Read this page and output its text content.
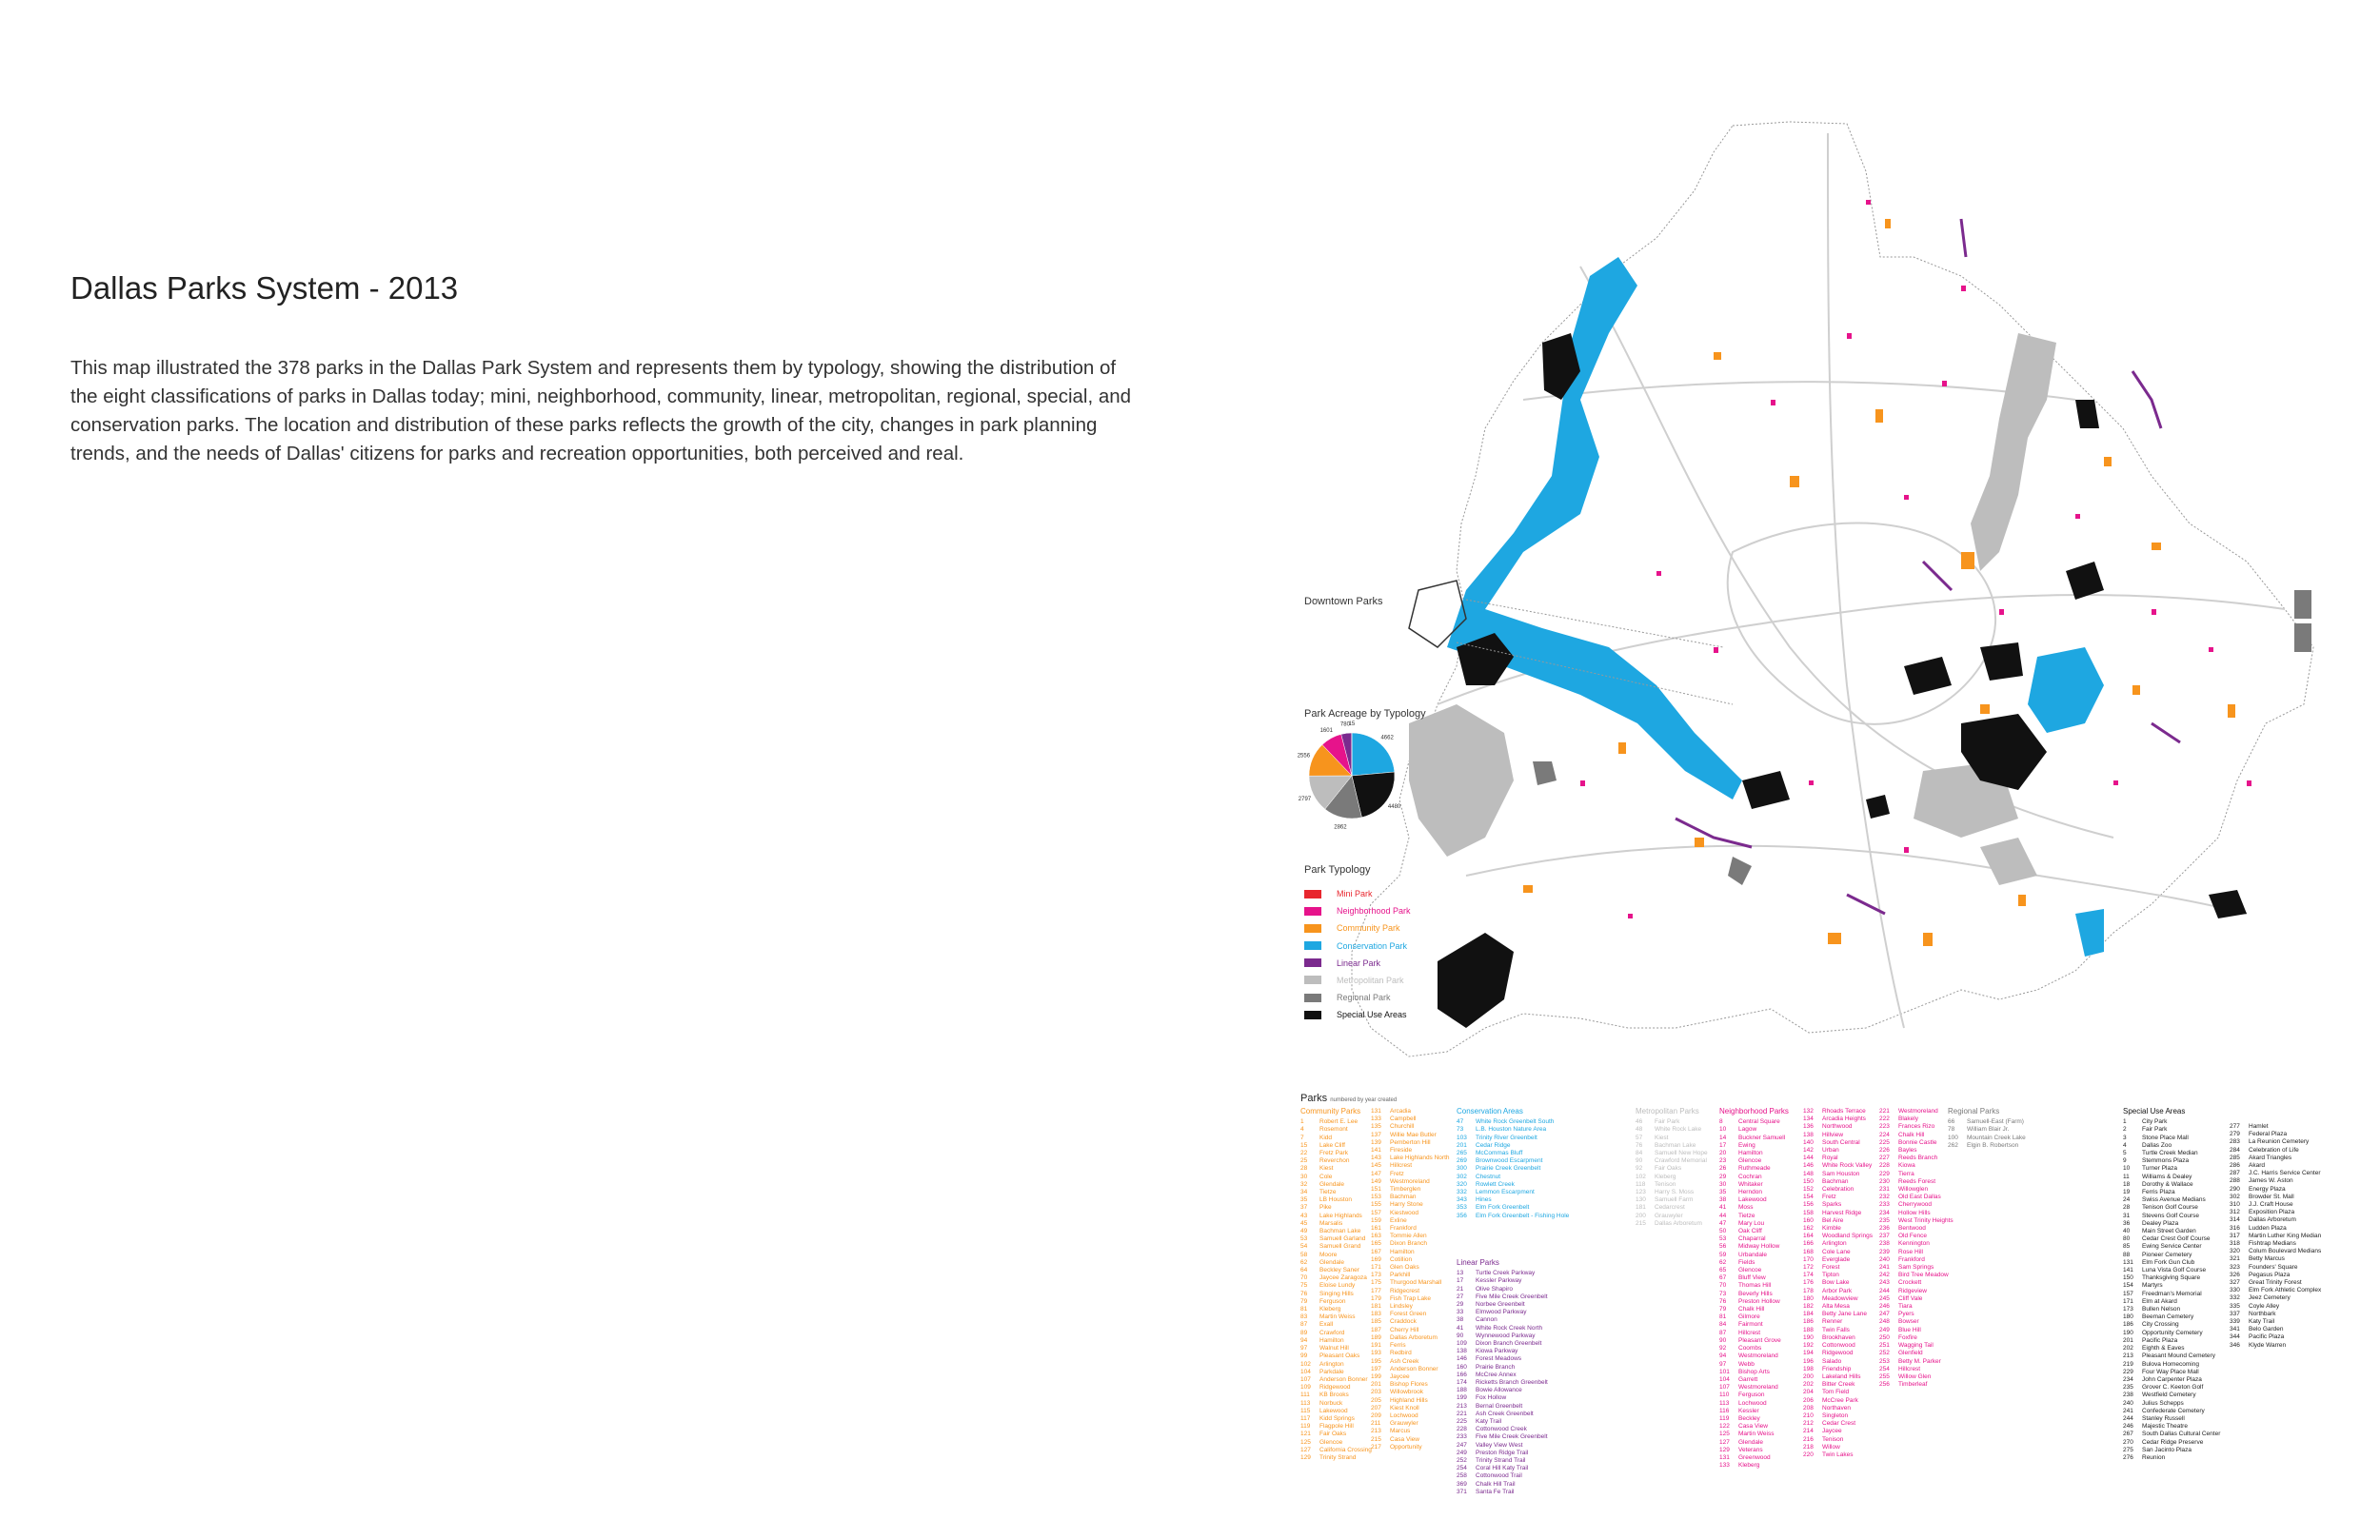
Dallas Parks System - 2013

This map illustrated the 378 parks in the Dallas Park System and represents them by typology, showing the distribution of the eight classifications of parks in Dallas today; mini, neighborhood, community, linear, metropolitan, regional, special, and conservation parks. The location and distribution of these parks reflects the growth of the city, changes in park planning trends, and the needs of Dallas' citizens for parks and recreation opportunities, both perceived and real.

Downtown Parks
Park Acreage by Typology
4662
4480
2862
2797
2556
1601
780
15
Park Typology
Mini Park
Neighborhood Park
Community Park
Conservation Park
Linear Park
Metropolitan Park
Regional Park
Special Use Areas
Parks numbered by year created
Community Parks
1	Robert E. Lee
4	Rosemont
7	Kidd
15 Lake Cliff
22 Fretz Park
25 Reverchon
28 Kiest
30 Cole
32 Glendale
34 Tietze
35 LB Houston
37 Pike
43 Lake Highlands
45 Marsalis
49 Bachman Lake
53 Samuell Garland
54 Samuell Grand
58 Moore
62 Glendale
64 Beckley Saner
70 Jaycee Zaragoza
75 Eloise Lundy
76 Singing Hills
79 Ferguson
81 Kleberg
83 Martin Weiss
87 Exall
89 Crawford
94 Hamilton
97 Walnut Hill
99 Pleasant Oaks
102 Arlington
104 Parkdale
107 Anderson Bonner
109 Ridgewood
111 KB Brooks
113 Norbuck
115 Lakewood
117 Kidd Springs
119 Flagpole Hill
121 Fair Oaks
125 Glencoe
127 California Crossing
129 Trinity Strand
131 Arcadia
133 Campbell
135 Churchill
137 Willie Mae Butler
139 Pemberton Hill
141 Fireside
143 Lake Highlands North
145 Hillcrest
147 Fretz
149 Westmoreland
151 Timberglen
153 Bachman
155 Harry Stone
157 Kiestwood
159 Exline
161 Frankford
163 Tommie Allen
165 Dixon Branch
167 Hamilton
169 Cotillion
171 Glen Oaks
173 Parkhill
175 Thurgood Marshall
177 Ridgecrest
179 Fish Trap Lake
181 Lindsley
183 Forest Green
185 Craddock
187 Cherry Hill
189 Dallas Arboretum
191 Ferris
193 Redbird
195 Ash Creek
197 Anderson Bonner
199 Jaycee
201 Bishop Flores
203 Willowbrook
205 Highland Hills
207 Kiest Knoll
209 Lochwood
211 Grauwyler
213 Marcus
215 Casa View
217 Opportunity
Conservation Areas
47 White Rock Greenbelt South
73 L.B. Houston Nature Area
103 Trinity River Greenbelt
201 Cedar Ridge
265 McCommas Bluff
269 Brownwood Escarpment
300 Prairie Creek Greenbelt
302 Chestnut
320 Rowlett Creek
332 Lemmon Escarpment
343 Hines
353 Elm Fork Greenbelt
356 Elm Fork Greenbelt - Fishing Hole
Linear Parks
13 Turtle Creek Parkway
17 Kessler Parkway
21 Olive Shapiro
27 Five Mile Creek Greenbelt
29 Norbee Greenbelt
33 Elmwood Parkway
38 Cannon
41 White Rock Creek North
90 Wynnewood Parkway
109 Dixon Branch Greenbelt
138 Kiowa Parkway
146 Forest Meadows
160 Prairie Branch
166 McCree Annex
174 Ricketts Branch Greenbelt
188 Bowie Allowance
199 Fox Hollow
213 Bernal Greenbelt
221 Ash Creek Greenbelt
225 Katy Trail
228 Cottonwood Creek
233 Five Mile Creek Greenbelt
247 Valley View West
249 Preston Ridge Trail
252 Trinity Strand Trail
254 Coral Hill Katy Trail
258 Cottonwood Trail
369 Chalk Hill Trail
371 Santa Fe Trail
Metropolitan Parks
46 Fair Park
48 White Rock Lake
57 Kiest
76 Bachman Lake
84 Samuell New Hope
90 Crawford Memorial
92 Fair Oaks
102 Kleberg
118 Tenison
123 Harry S. Moss
130 Samuell Farm
181 Cedarcrest
200 Grauwyler
215 Dallas Arboretum
Neighborhood Parks
8	Central Square
10 Lagow
14 Buckner Samuell
17 Ewing
20 Hamilton
23 Glencoe
26 Ruthmeade
29 Cochran
30 Whitaker
35 Herndon
38 Lakewood
41 Moss
44 Tietze
47 Mary Lou
50 Oak Cliff
53 Chaparral
56 Midway Hollow
59 Urbandale
62 Fields
65 Glencoe
67 Bluff View
70 Thomas Hill
73 Beverly Hills
76 Preston Hollow
79 Chalk Hill
81 Gilmore
84 Fairmont
87 Hillcrest
90 Pleasant Grove
92 Coombs
94 Westmoreland
97 Webb
101 Bishop Arts
104 Garrett
107 Westmoreland
110 Ferguson
113 Lochwood
116 Kessler
119 Beckley
122 Casa View
125 Martin Weiss
127 Glendale
129 Veterans
131 Greenwood
133 Kleberg
132 Rhoads Terrace
134 Arcadia Heights
136 Northwood
138 Hillview
140 South Central
142 Urban
144 Royal
146 White Rock Valley
148 Sam Houston
150 Bachman
152 Celebration
154 Fretz
156 Sparks
158 Harvest Ridge
160 Bel Aire
162 Kimble
164 Woodland Springs
166 Arlington
168 Cole Lane
170 Everglade
172 Forest
174 Tipton
176 Bow Lake
178 Arbor Park
180 Meadowview
182 Alta Mesa
184 Betty Jane Lane
186 Renner
188 Twin Falls
190 Brookhaven
192 Cottonwood
194 Ridgewood
196 Salado
198 Friendship
200 Lakeland Hills
202 Bitter Creek
204 Tom Field
206 McCree Park
208 Northaven
210 Singleton
212 Cedar Crest
214 Jaycee
216 Tenison
218 Willow
220 Twin Lakes
221 Westmoreland
222 Blakely
223 Frances Rizo
224 Chalk Hill
225 Bonnie Castle
226 Bayles
227 Reeds Branch
228 Kiowa
229 Tierra
230 Reeds Forest
231 Willowglen
232 Old East Dallas
233 Cherrywood
234 Hollow Hills
235 West Trinity Heights
236 Bentwood
237 Old Fence
238 Kennington
239 Rose Hill
240 Frankford
241 Sam Springs
242 Bird Tree Meadow
243 Crockett
244 Ridgeview
245 Cliff Vale
246 Tiara
247 Pyers
248 Bowser
249 Blue Hill
250 Foxfire
251 Wagging Tail
252 Glenfield
253 Betty M. Parker
254 Hillcrest
255 Willow Glen
256 Timberleaf
Regional Parks
66 Samuell-East (Farm)
78 William Blair Jr.
100 Mountain Creek Lake
262 Elgin B. Robertson
Special Use Areas
1	City Park
2	Fair Park
3	Stone Place Mall
4	Dallas Zoo
5	Turtle Creek Median
9	Stemmons Plaza
10 Turner Plaza
11 Williams & Dealey
18 Dorothy & Wallace
19 Ferris Plaza
24 Swiss Avenue Medians
28 Tenison Golf Course
31 Stevens Golf Course
36 Dealey Plaza
40 Main Street Garden
80 Cedar Crest Golf Course
85 Ewing Service Center
88 Pioneer Cemetery
131 Elm Fork Gun Club
141 Luna Vista Golf Course
150 Thanksgiving Square
154 Martyrs
157 Freedman's Memorial
171 Elm at Akard
173 Bullen Nelson
180 Beeman Cemetery
186 City Crossing
190 Opportunity Cemetery
201 Pacific Plaza
202 Eighth & Eaves
213 Pleasant Mound Cemetery
219 Bulova Homecoming
229 Four Way Place Mall
234 John Carpenter Plaza
235 Grover C. Keeton Golf
238 Westfield Cemetery
240 Julius Schepps
241 Confederate Cemetery
244 Stanley Russell
246 Majestic Theatre
267 South Dallas Cultural Center
270 Cedar Ridge Preserve
275 San Jacinto Plaza
276 Reunion
277 Hamlet
279 Federal Plaza
283 La Reunion Cemetery
284 Celebration of Life
285 Akard Triangles
286 Akard
287 J.C. Harris Service Center
288 James W. Aston
290 Energy Plaza
302 Browder St. Mall
310 J.J. Craft House
312 Exposition Plaza
314 Dallas Arboretum
316 Ludden Plaza
317 Martin Luther King Median
318 Fishtrap Medians
320 Colum Boulevard Medians
321 Betty Marcus
323 Founders' Square
326 Pegasus Plaza
327 Great Trinity Forest
330 Elm Fork Athletic Complex
332 Jeez Cemetery
335 Coyle Alley
337 Northbark
339 Katy Trail
341 Belo Garden
344 Pacific Plaza
346 Klyde Warren
